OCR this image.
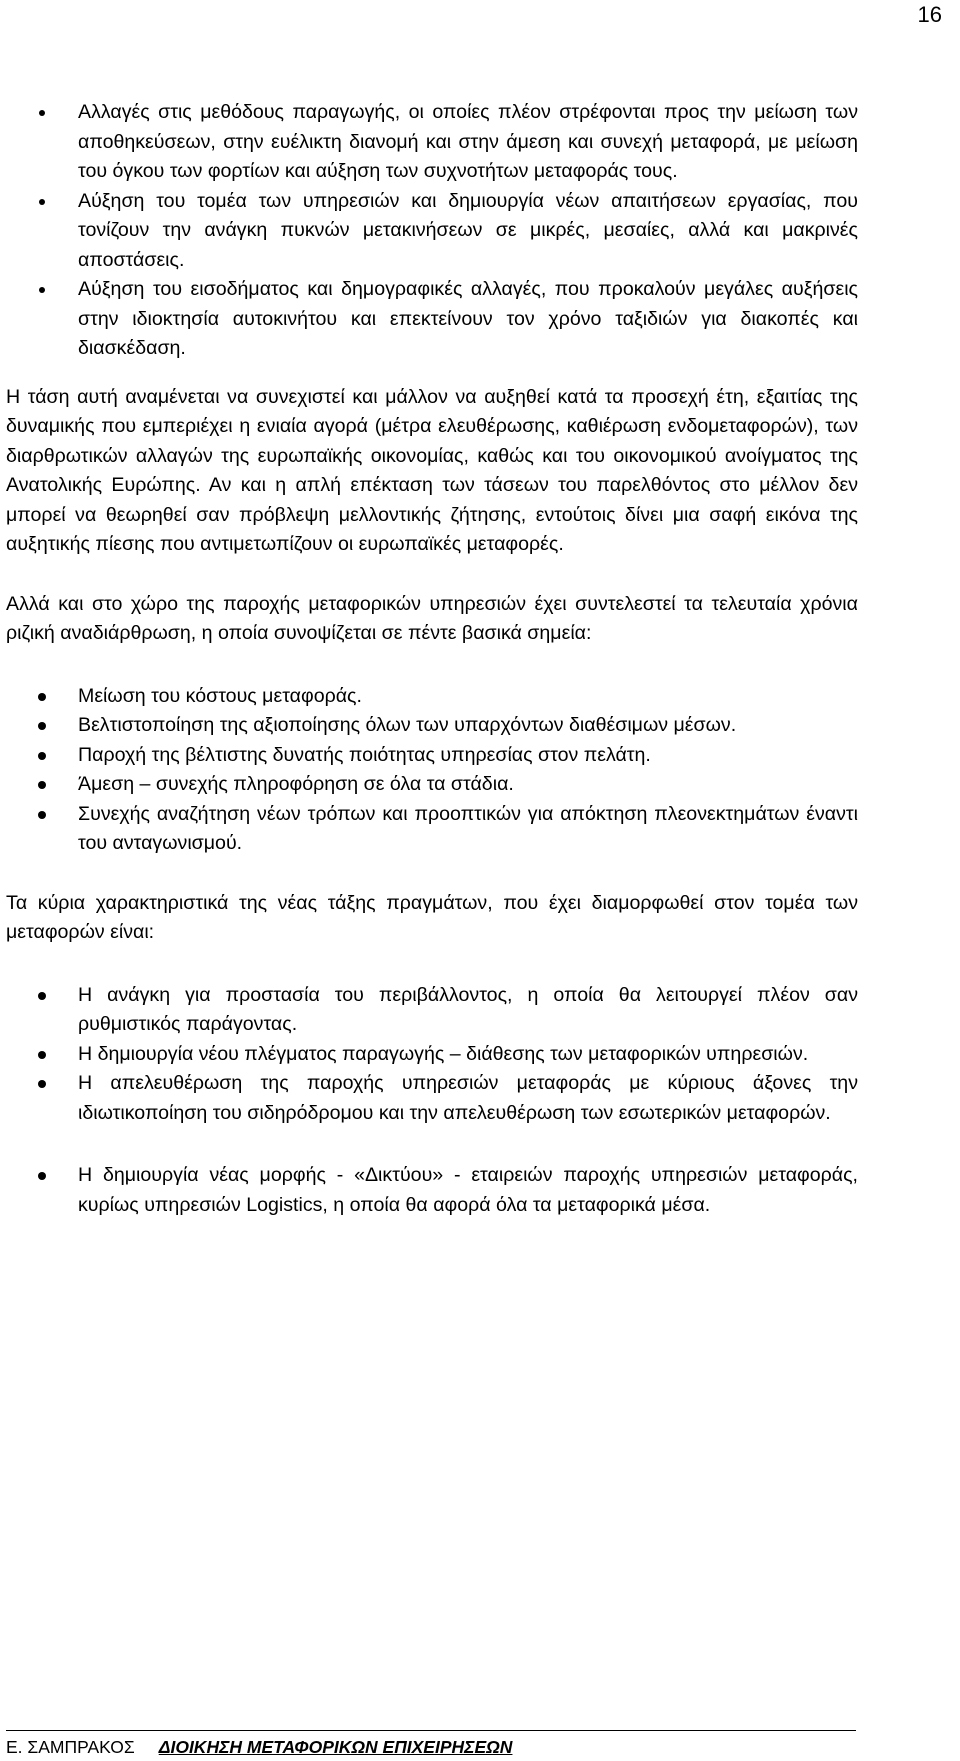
16
Αλλαγές στις μεθόδους παραγωγής, οι οποίες πλέον στρέφονται προς την μείωση των αποθηκεύσεων, στην ευέλικτη διανομή και στην άμεση και συνεχή μεταφορά, με μείωση του όγκου των φορτίων και αύξηση των συχνοτήτων μεταφοράς τους.
Αύξηση του τομέα των υπηρεσιών και δημιουργία νέων απαιτήσεων εργασίας, που τονίζουν την ανάγκη πυκνών μετακινήσεων σε μικρές, μεσαίες, αλλά και μακρινές αποστάσεις.
Αύξηση του εισοδήματος και δημογραφικές αλλαγές, που προκαλούν μεγάλες αυξήσεις στην ιδιοκτησία αυτοκινήτου και επεκτείνουν τον χρόνο ταξιδιών για διακοπές και διασκέδαση.

Η τάση αυτή αναμένεται να συνεχιστεί και μάλλον να αυξηθεί κατά τα προσεχή έτη, εξαιτίας της δυναμικής που εμπεριέχει η ενιαία αγορά (μέτρα ελευθέρωσης, καθιέρωση ενδομεταφορών), των διαρθρωτικών αλλαγών της ευρωπαϊκής οικονομίας, καθώς και του οικονομικού ανοίγματος της Ανατολικής Ευρώπης. Αν και η απλή επέκταση των τάσεων του παρελθόντος στο μέλλον δεν μπορεί να θεωρηθεί σαν πρόβλεψη μελλοντικής ζήτησης, εντούτοις δίνει μια σαφή εικόνα της αυξητικής πίεσης που αντιμετωπίζουν οι ευρωπαϊκές μεταφορές.

Αλλά και στο χώρο της παροχής μεταφορικών υπηρεσιών έχει συντελεστεί τα τελευταία χρόνια ριζική αναδιάρθρωση, η οποία συνοψίζεται σε πέντε βασικά σημεία:

Μείωση του κόστους μεταφοράς.
Βελτιστοποίηση της αξιοποίησης όλων των υπαρχόντων διαθέσιμων μέσων.
Παροχή της βέλτιστης δυνατής ποιότητας υπηρεσίας στον πελάτη.
Άμεση – συνεχής πληροφόρηση σε όλα τα στάδια.
Συνεχής αναζήτηση νέων τρόπων και προοπτικών για απόκτηση πλεονεκτημάτων έναντι του ανταγωνισμού.

Τα κύρια χαρακτηριστικά της νέας τάξης πραγμάτων, που έχει διαμορφωθεί στον τομέα των μεταφορών είναι:

Η ανάγκη για προστασία του περιβάλλοντος, η οποία θα λειτουργεί πλέον σαν ρυθμιστικός παράγοντας.
Η δημιουργία νέου πλέγματος παραγωγής – διάθεσης των μεταφορικών υπηρεσιών.
Η απελευθέρωση της παροχής υπηρεσιών μεταφοράς με κύριους άξονες την ιδιωτικοποίηση του σιδηρόδρομου και την απελευθέρωση των εσωτερικών μεταφορών.
Η δημιουργία νέας μορφής - «Δικτύου» - εταιρειών παροχής υπηρεσιών μεταφοράς, κυρίως υπηρεσιών Logistics, η οποία θα αφορά όλα τα μεταφορικά μέσα.
Ε. ΣΑΜΠΡΑΚΟΣ ΔΙΟΙΚΗΣΗ ΜΕΤΑΦΟΡΙΚΩΝ ΕΠΙΧΕΙΡΗΣΕΩΝ
